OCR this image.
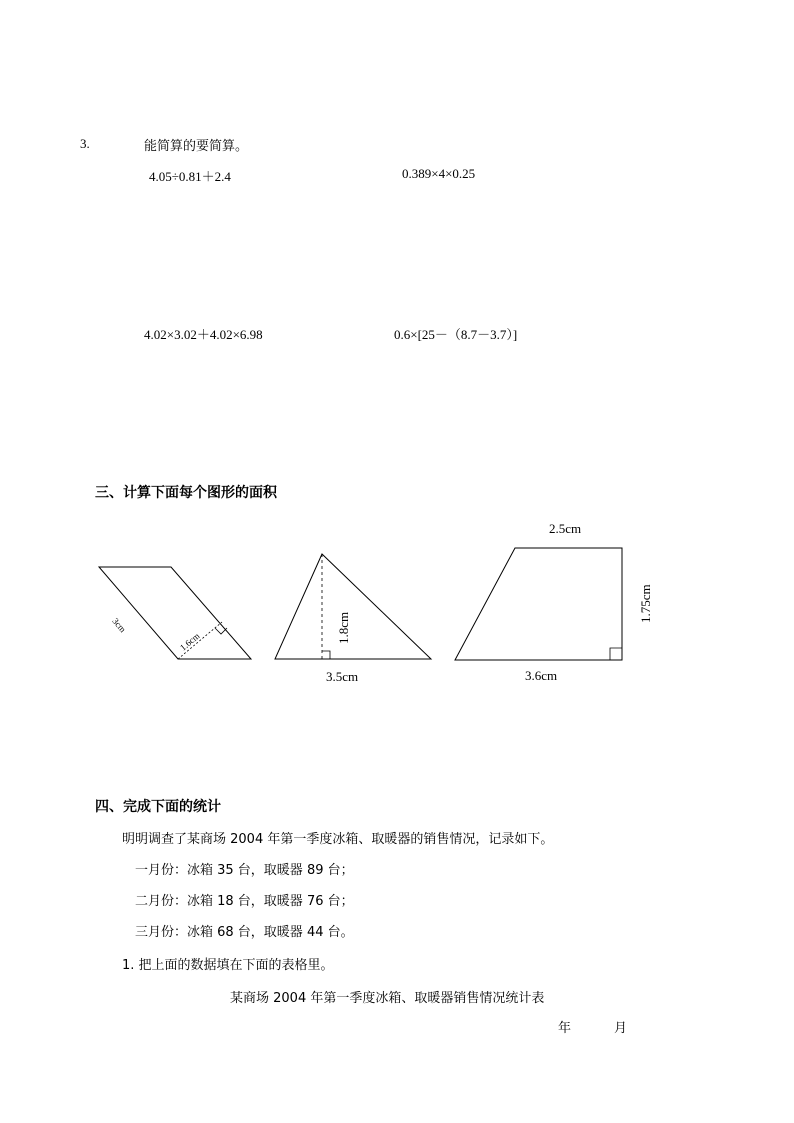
3.	能简算的要简算。
4.05÷0.81＋2.4	0.389×4×0.25
4.02×3.02＋4.02×6.98	0.6×[25－（8.7－3.7）]
三、计算下面每个图形的面积
3cm
1.6cm	1.8cm
3.5cm
2.5cm
1.75cm
3.6cm
四、完成下面的统计
明明调查了某商场 2004 年第一季度冰箱、取暖器的销售情况，记录如下。
一月份：冰箱 35 台，取暖器 89 台；
二月份：冰箱 18 台，取暖器 76 台；
三月份：冰箱 68 台，取暖器 44 台。
1. 把上面的数据填在下面的表格里。
某商场 2004 年第一季度冰箱、取暖器销售情况统计表
年	月
